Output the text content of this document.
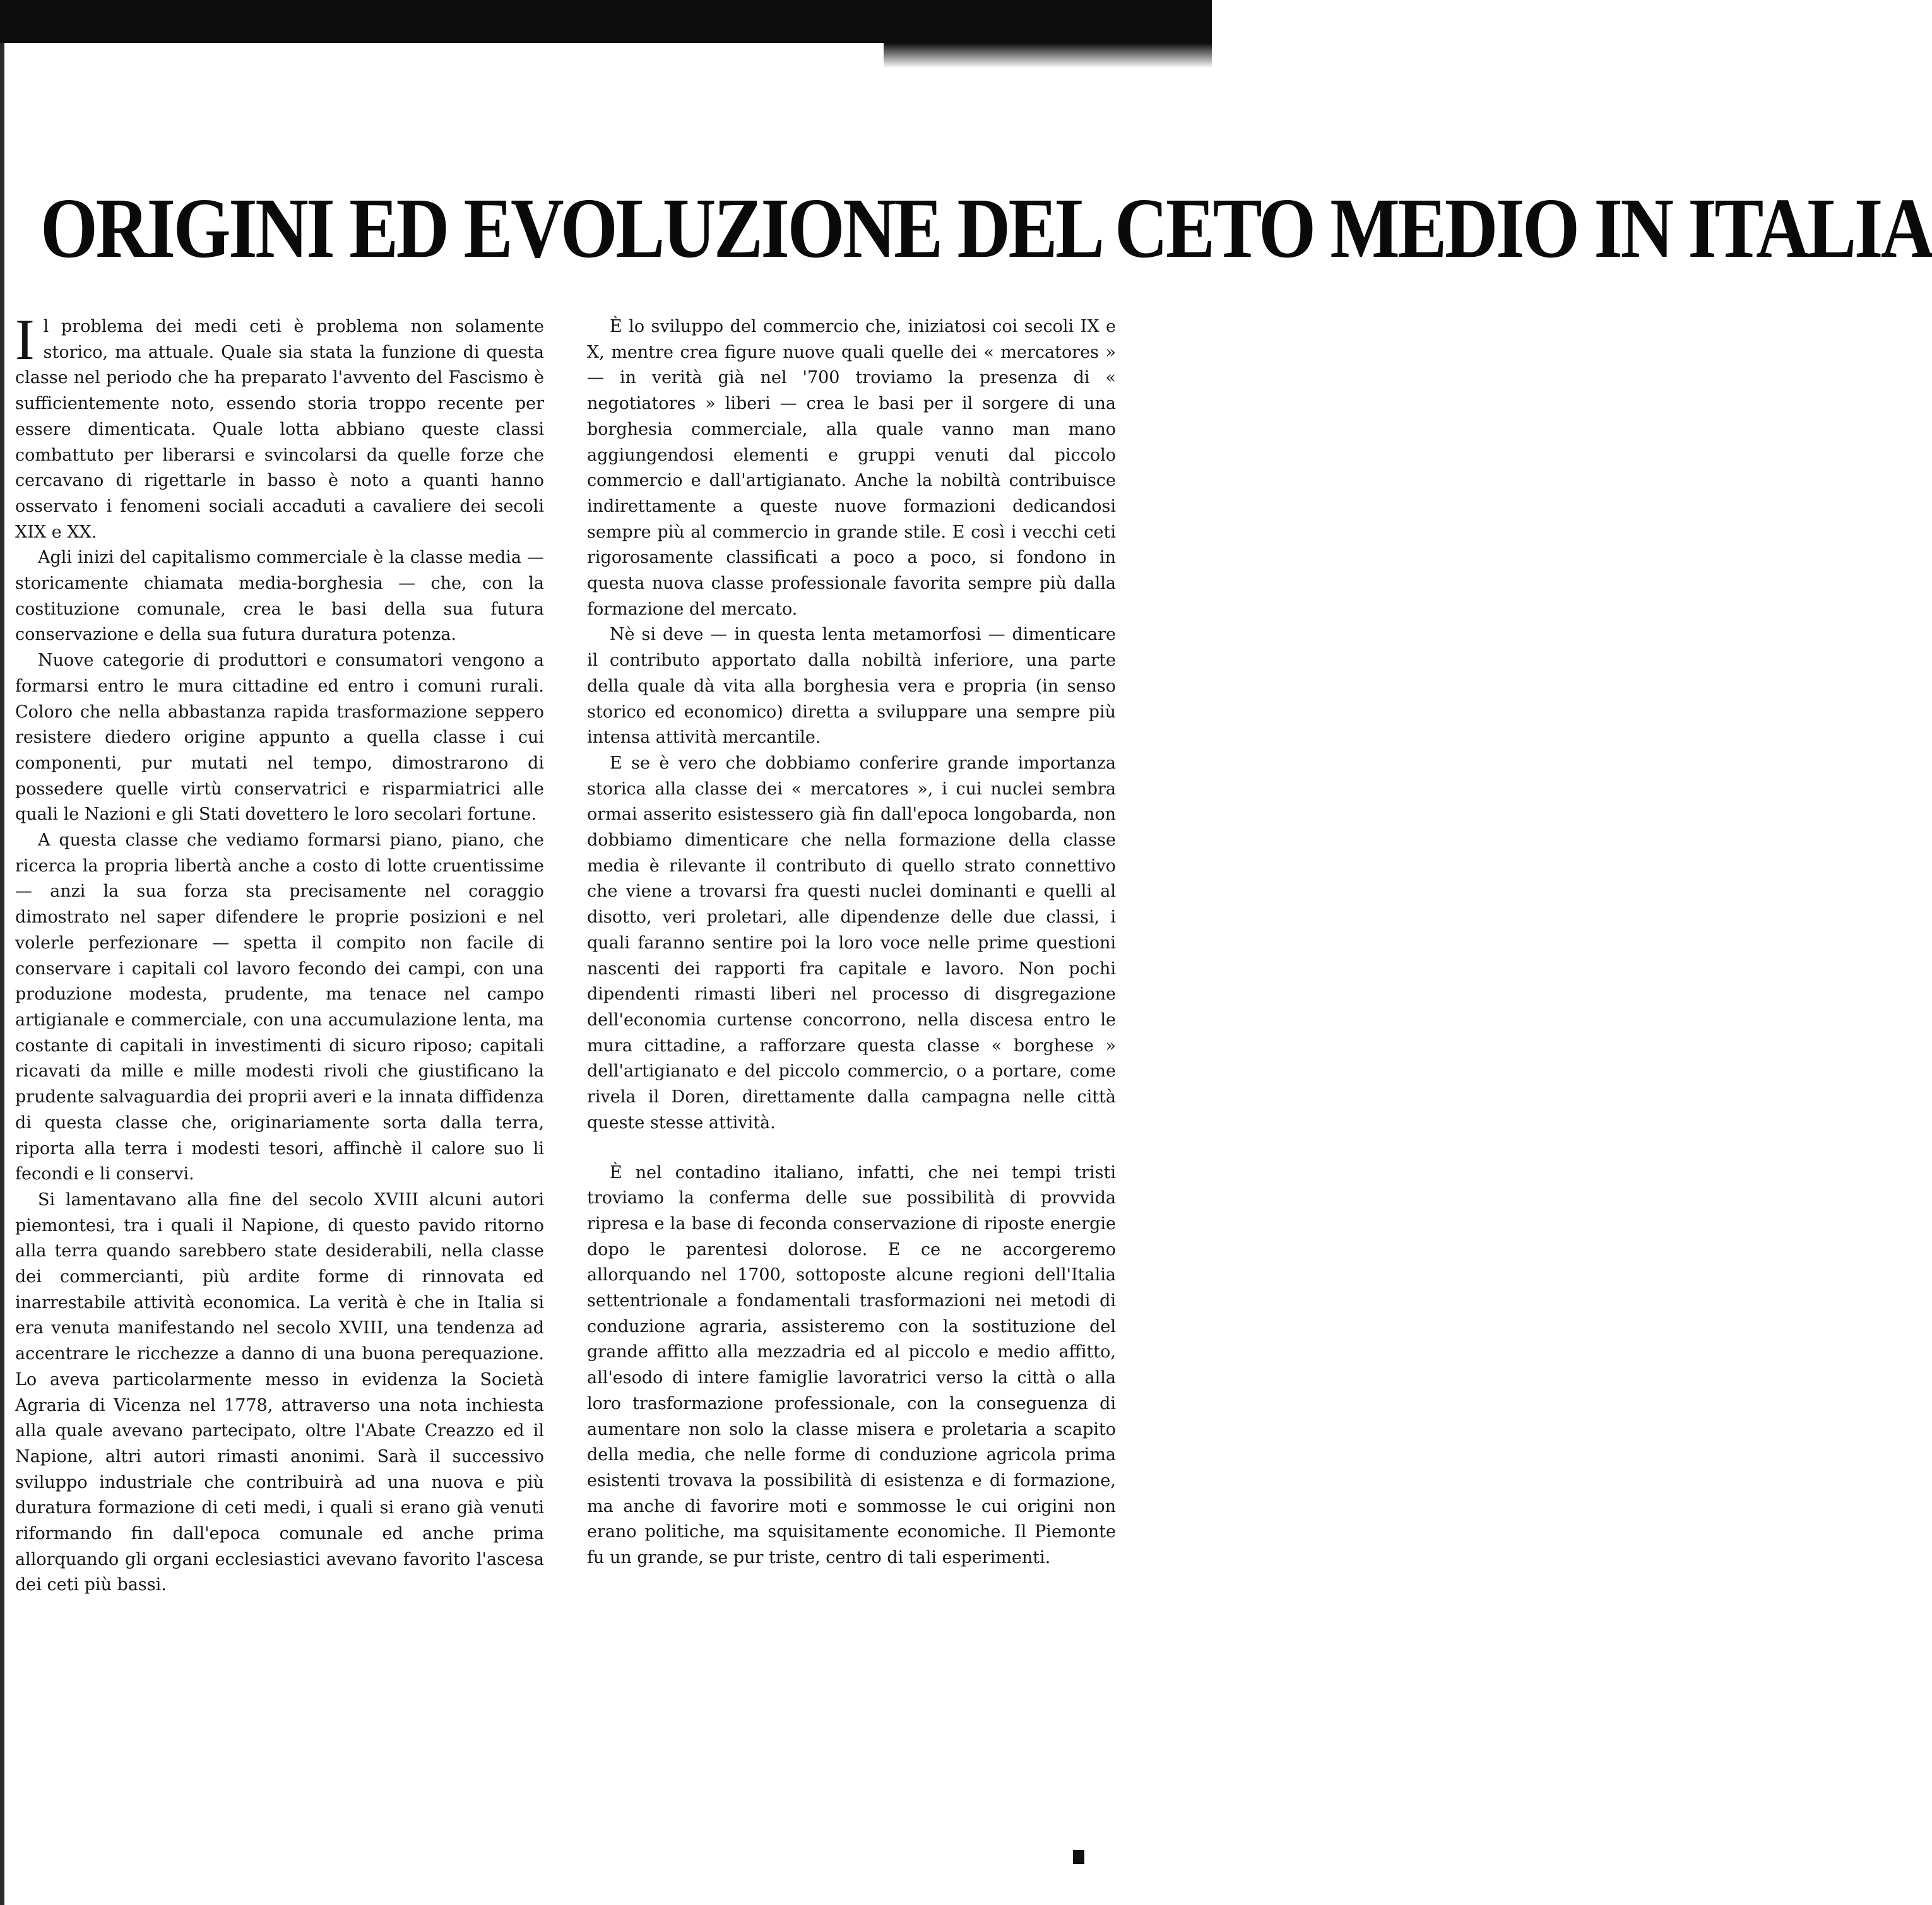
ORIGINI ED EVOLUZIONE DEL CETO MEDIO IN ITALIA

Il problema dei medi ceti è problema non solamente storico, ma attuale. Quale sia stata la funzione di questa classe nel periodo che ha preparato l'avvento del Fascismo è sufficientemente noto, essendo storia troppo recente per essere dimenticata. Quale lotta abbiano queste classi combattuto per liberarsi e svincolarsi da quelle forze che cercavano di rigettarle in basso è noto a quanti hanno osservato i fenomeni sociali accaduti a cavaliere dei secoli XIX e XX.

Agli inizi del capitalismo commerciale è la classe media — storicamente chiamata media-borghesia — che, con la costituzione comunale, crea le basi della sua futura conservazione e della sua futura duratura potenza.

Nuove categorie di produttori e consumatori vengono a formarsi entro le mura cittadine ed entro i comuni rurali. Coloro che nella abbastanza rapida trasformazione seppero resistere diedero origine appunto a quella classe i cui componenti, pur mutati nel tempo, dimostrarono di possedere quelle virtù conservatrici e risparmiatrici alle quali le Nazioni e gli Stati dovettero le loro secolari fortune.

A questa classe che vediamo formarsi piano, piano, che ricerca la propria libertà anche a costo di lotte cruentissime — anzi la sua forza sta precisamente nel coraggio dimostrato nel saper difendere le proprie posizioni e nel volerle perfezionare — spetta il compito non facile di conservare i capitali col lavoro fecondo dei campi, con una produzione modesta, prudente, ma tenace nel campo artigianale e commerciale, con una accumulazione lenta, ma costante di capitali in investimenti di sicuro riposo; capitali ricavati da mille e mille modesti rivoli che giustificano la prudente salvaguardia dei proprii averi e la innata diffidenza di questa classe che, originariamente sorta dalla terra, riporta alla terra i modesti tesori, affinchè il calore suo li fecondi e li conservi.

Si lamentavano alla fine del secolo XVIII alcuni autori piemontesi, tra i quali il Napione, di questo pavido ritorno alla terra quando sarebbero state desiderabili, nella classe dei commercianti, più ardite forme di rinnovata ed inarrestabile attività economica. La verità è che in Italia si era venuta manifestando nel secolo XVIII, una tendenza ad accentrare le ricchezze a danno di una buona perequazione. Lo aveva particolarmente messo in evidenza la Società Agraria di Vicenza nel 1778, attraverso una nota inchiesta alla quale avevano partecipato, oltre l'Abate Creazzo ed il Napione, altri autori rimasti anonimi. Sarà il successivo sviluppo industriale che contribuirà ad una nuova e più duratura formazione di ceti medi, i quali si erano già venuti riformando fin dall'epoca comunale ed anche prima allorquando gli organi ecclesiastici avevano favorito l'ascesa dei ceti più bassi.

È lo sviluppo del commercio che, iniziatosi coi secoli IX e X, mentre crea figure nuove quali quelle dei « mercatores » — in verità già nel '700 troviamo la presenza di « negotiatores » liberi — crea le basi per il sorgere di una borghesia commerciale, alla quale vanno man mano aggiungendosi elementi e gruppi venuti dal piccolo commercio e dall'artigianato. Anche la nobiltà contribuisce indirettamente a queste nuove formazioni dedicandosi sempre più al commercio in grande stile. E così i vecchi ceti rigorosamente classificati a poco a poco, si fondono in questa nuova classe professionale favorita sempre più dalla formazione del mercato.

Nè si deve — in questa lenta metamorfosi — dimenticare il contributo apportato dalla nobiltà inferiore, una parte della quale dà vita alla borghesia vera e propria (in senso storico ed economico) diretta a sviluppare una sempre più intensa attività mercantile.

E se è vero che dobbiamo conferire grande importanza storica alla classe dei « mercatores », i cui nuclei sembra ormai asserito esistessero già fin dall'epoca longobarda, non dobbiamo dimenticare che nella formazione della classe media è rilevante il contributo di quello strato connettivo che viene a trovarsi fra questi nuclei dominanti e quelli al disotto, veri proletari, alle dipendenze delle due classi, i quali faranno sentire poi la loro voce nelle prime questioni nascenti dei rapporti fra capitale e lavoro. Non pochi dipendenti rimasti liberi nel processo di disgregazione dell'economia curtense concorrono, nella discesa entro le mura cittadine, a rafforzare questa classe « borghese » dell'artigianato e del piccolo commercio, o a portare, come rivela il Doren, direttamente dalla campagna nelle città queste stesse attività.

È nel contadino italiano, infatti, che nei tempi tristi troviamo la conferma delle sue possibilità di provvida ripresa e la base di feconda conservazione di riposte energie dopo le parentesi dolorose. E ce ne accorgeremo allorquando nel 1700, sottoposte alcune regioni dell'Italia settentrionale a fondamentali trasformazioni nei metodi di conduzione agraria, assisteremo con la sostituzione del grande affitto alla mezzadria ed al piccolo e medio affitto, all'esodo di intere famiglie lavoratrici verso la città o alla loro trasformazione professionale, con la conseguenza di aumentare non solo la classe misera e proletaria a scapito della media, che nelle forme di conduzione agricola prima esistenti trovava la possibilità di esistenza e di formazione, ma anche di favorire moti e sommosse le cui origini non erano politiche, ma squisitamente economiche. Il Piemonte fu un grande, se pur triste, centro di tali esperimenti.
